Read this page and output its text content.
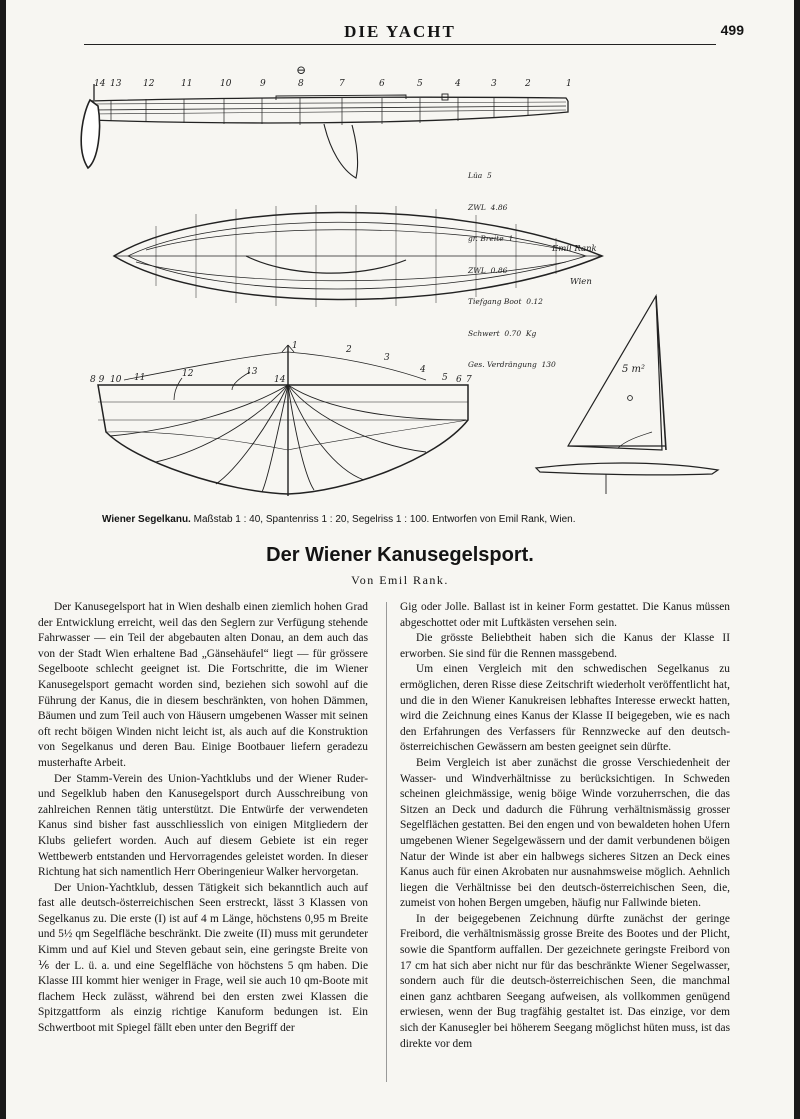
DIE YACHT	499
14 13 12	11	10	9	8	7	6	5	4	3	2	1
⊖
8 9 10 11	12	13
14
1	2
3
4
5 6 7
5 m²

Lüa  5

ZWL  4.86

gr. Breite  1

ZWL  0.86

Tiefgang Boot  0.12

Schwert  0.70  Kg

Ges. Verdrängung  130

Emil Rank

Wien

Wiener Segelkanu. Maßstab 1 : 40, Spantenriss 1 : 20, Segelriss 1 : 100. Entworfen von Emil Rank, Wien.
Der Wiener Kanusegelsport.
Von Emil Rank.

Der Kanusegelsport hat in Wien deshalb einen ziemlich hohen Grad der Entwicklung erreicht, weil das den Seglern zur Verfügung stehende Fahrwasser — ein Teil der abgebauten alten Donau, an dem auch das von der Stadt Wien erhaltene Bad „Gänsehäufel“ liegt — für grössere Segelboote schlecht geeignet ist. Die Fortschritte, die im Wiener Kanusegelsport gemacht worden sind, beziehen sich sowohl auf die Führung der Kanus, die in diesem beschränkten, von hohen Dämmen, Bäumen und zum Teil auch von Häusern umgebenen Wasser mit seinen oft recht böigen Winden nicht leicht ist, als auch auf die Konstruktion von Segelkanus und deren Bau. Einige Bootbauer liefern geradezu musterhafte Arbeit.

Der Stamm-Verein des Union-Yachtklubs und der Wiener Ruder- und Segelklub haben den Kanusegelsport durch Ausschreibung von zahlreichen Rennen tätig unterstützt. Die Entwürfe der verwendeten Kanus sind bisher fast ausschliesslich von einigen Mitgliedern der Klubs geliefert worden. Auch auf diesem Gebiete ist ein reger Wettbewerb entstanden und Hervorragendes geleistet worden. In dieser Richtung hat sich namentlich Herr Oberingenieur Walker hervorgetan.

Der Union-Yachtklub, dessen Tätigkeit sich bekanntlich auch auf fast alle deutsch-österreichischen Seen erstreckt, lässt 3 Klassen von Segelkanus zu. Die erste (I) ist auf 4 m Länge, höchstens 0,95 m Breite und 5½ qm Segelfläche beschränkt. Die zweite (II) muss mit gerundeter Kimm und auf Kiel und Steven gebaut sein, eine geringste Breite von ⅙ der L. ü. a. und eine Segelfläche von höchstens 5 qm haben. Die Klasse III kommt hier weniger in Frage, weil sie auch 10 qm-Boote mit flachem Heck zulässt, während bei den ersten zwei Klassen die Spitzgattform als einzig richtige Kanuform bedungen ist. Ein Schwertboot mit Spiegel fällt eben unter den Begriff der

Gig oder Jolle. Ballast ist in keiner Form gestattet. Die Kanus müssen abgeschottet oder mit Luftkästen versehen sein.

Die grösste Beliebtheit haben sich die Kanus der Klasse II erworben. Sie sind für die Rennen massgebend.

Um einen Vergleich mit den schwedischen Segelkanus zu ermöglichen, deren Risse diese Zeitschrift wiederholt veröffentlicht hat, und die in den Wiener Kanukreisen lebhaftes Interesse erweckt hatten, wird die Zeichnung eines Kanus der Klasse II beigegeben, wie es nach den Erfahrungen des Verfassers für Rennzwecke auf den deutsch-österreichischen Gewässern am besten geeignet sein dürfte.

Beim Vergleich ist aber zunächst die grosse Verschiedenheit der Wasser- und Windverhältnisse zu berücksichtigen. In Schweden scheinen gleichmässige, wenig böige Winde vorzuherrschen, die das Sitzen an Deck und dadurch die Führung verhältnismässig grosser Segelflächen gestatten. Bei den engen und von bewaldeten hohen Ufern umgebenen Wiener Segelgewässern und der damit verbundenen böigen Natur der Winde ist aber ein halbwegs sicheres Sitzen an Deck eines Kanus auch für einen Akrobaten nur ausnahmsweise möglich. Aehnlich liegen die Verhältnisse bei den deutsch-österreichischen Seen, die, zumeist von hohen Bergen umgeben, häufig nur Fallwinde bieten.

In der beigegebenen Zeichnung dürfte zunächst der geringe Freibord, die verhältnismässig grosse Breite des Bootes und der Plicht, sowie die Spantform auffallen. Der gezeichnete geringste Freibord von 17 cm hat sich aber nicht nur für das beschränkte Wiener Segelwasser, sondern auch für die deutsch-österreichischen Seen, die manchmal einen ganz achtbaren Seegang aufweisen, als vollkommen genügend erwiesen, wenn der Bug tragfähig gestaltet ist. Das einzige, vor dem sich der Kanusegler bei höherem Seegang möglichst hüten muss, ist das direkte vor dem
